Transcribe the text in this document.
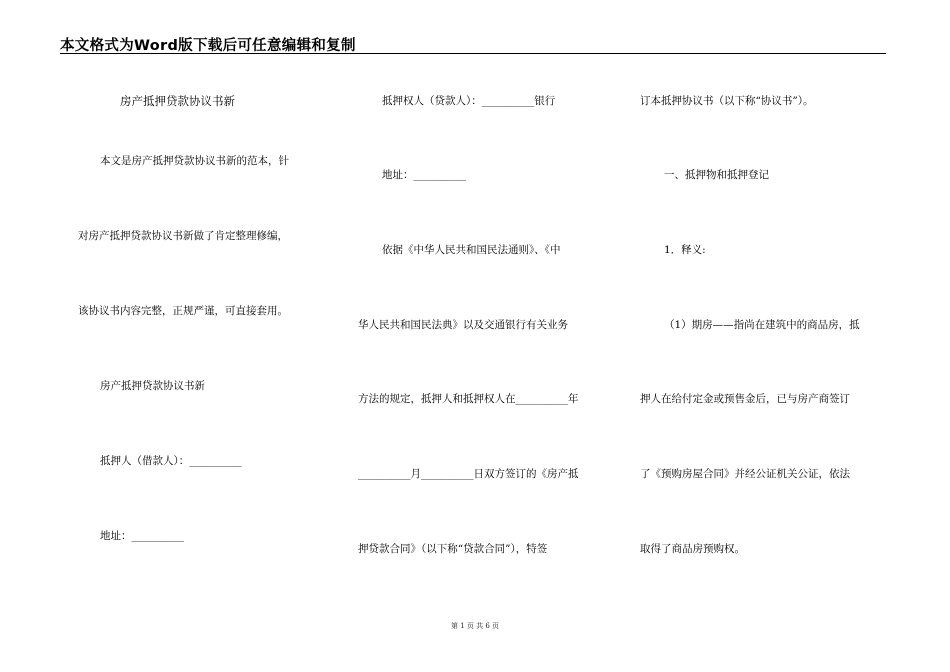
本文格式为Word版下载后可任意编辑和复制
房产抵押贷款协议书新
本文是房产抵押贷款协议书新的范本，针
对房产抵押贷款协议书新做了肯定整理修编，
该协议书内容完整，正规严谨，可直接套用。
房产抵押贷款协议书新
抵押人（借款人）：__________
地址：__________
抵押权人（贷款人）：__________银行
地址：__________
依据《中华人民共和国民法通则》、《中
华人民共和国民法典》以及交通银行有关业务
方法的规定，抵押人和抵押权人在__________年
__________月__________日双方签订的《房产抵
押贷款合同》（以下称“贷款合同”），特签
订本抵押协议书（以下称“协议书”）。
一、抵押物和抵押登记
1．释义:
（1）期房——指尚在建筑中的商品房，抵
押人在给付定金或预售金后，已与房产商签订
了《预购房屋合同》并经公证机关公证，依法
取得了商品房预购权。
第 1 页 共 6 页
